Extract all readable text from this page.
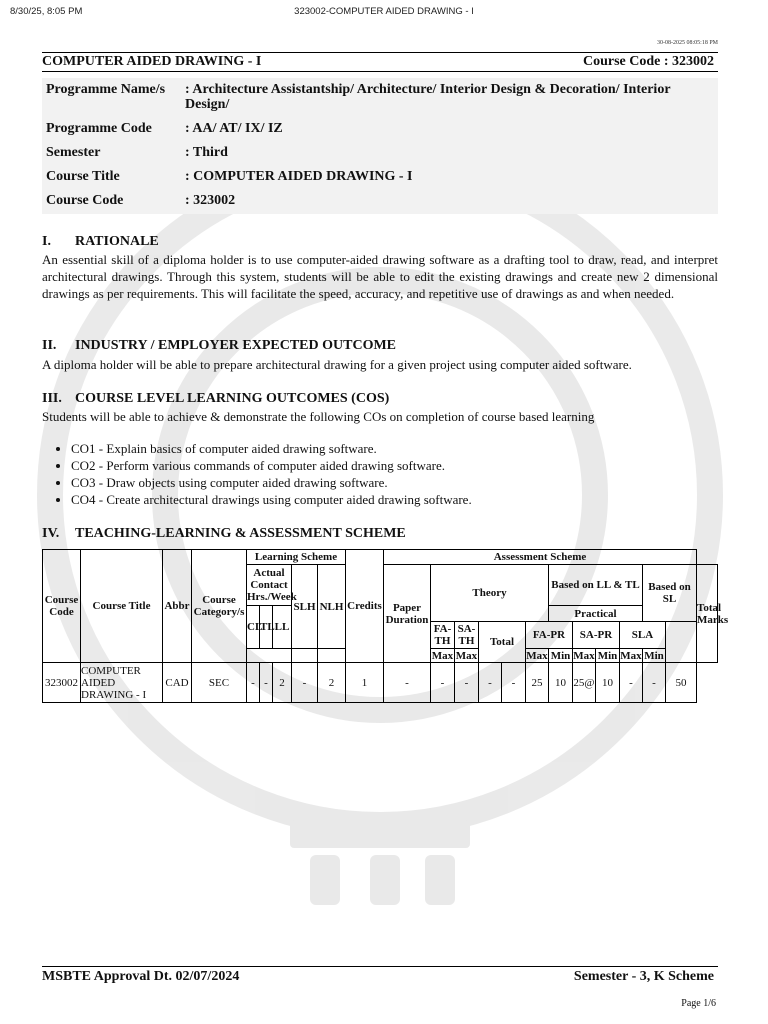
8/30/25, 8:05 PM	323002-COMPUTER AIDED DRAWING - I
30-08-2025 08:05:18 PM
COMPUTER AIDED DRAWING - I	Course Code : 323002
Programme Name/s	: Architecture Assistantship/ Architecture/ Interior Design & Decoration/ Interior Design/
Programme Code	: AA/ AT/ IX/ IZ
Semester	: Third
Course Title	: COMPUTER AIDED DRAWING - I
Course Code	: 323002
I. RATIONALE
An essential skill of a diploma holder is to use computer-aided drawing software as a drafting tool to draw, read, and interpret architectural drawings. Through this system, students will be able to edit the existing drawings and create new 2 dimensional drawings as per requirements. This will facilitate the speed, accuracy, and repetitive use of drawings as and when needed.
II. INDUSTRY / EMPLOYER EXPECTED OUTCOME
A diploma holder will be able to prepare architectural drawing for a given project using computer aided software.
III. COURSE LEVEL LEARNING OUTCOMES (COS)
Students will be able to achieve & demonstrate the following COs on completion of course based learning
• CO1 - Explain basics of computer aided drawing software.
• CO2 - Perform various commands of computer aided drawing software.
• CO3 - Draw objects using computer aided drawing software.
• CO4 - Create architectural drawings using computer aided drawing software.
IV. TEACHING-LEARNING & ASSESSMENT SCHEME
Course Code	Course Title	Abbr	Course Category/s	Learning Scheme					Credits	Assessment Scheme												
				Actual Contact Hrs./Week			SLH	NLH		Paper Duration	Theory					Based on LL & TL				Based on SL		Total Marks
				CL	TL	LL										Practical						
											FA-TH	SA-TH	Total		FA-PR		SA-PR		SLA			
											Max	Max			Max	Min	Max	Min	Max	Min		
323002	COMPUTER AIDED DRAWING - I	CAD	SEC	-	-	2	-	2	1	-	-	-	-	-	25	10	25@	10	-	-	50	
MSBTE Approval Dt. 02/07/2024	Semester - 3, K Scheme
Page 1/6
